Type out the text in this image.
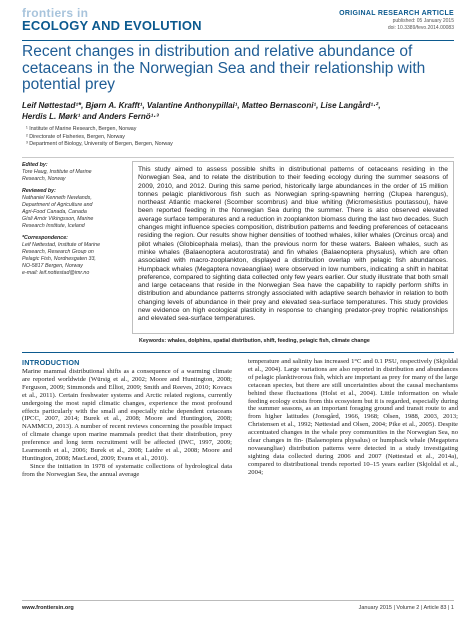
frontiers in
ECOLOGY AND EVOLUTION
ORIGINAL RESEARCH ARTICLE
published: 05 January 2015
doi: 10.3389/fevo.2014.00083
Recent changes in distribution and relative abundance of cetaceans in the Norwegian Sea and their relationship with potential prey
Leif Nøttestad¹*, Bjørn A. Krafft¹, Valantine Anthonypillai¹, Matteo Bernasconi¹, Lise Langård¹·²,
Herdis L. Mørk¹ and Anders Fernö¹·³
¹ Institute of Marine Research, Bergen, Norway
² Directorate of Fisheries, Bergen, Norway
³ Department of Biology, University of Bergen, Bergen, Norway
Edited by:
Tore Haug, Institute of Marine
Research, Norway
Reviewed by:
Nathaniel Kenneth Newlands,
Department of Agriculture and
Agri-Food Canada, Canada
Gísli Arnór Víkingsson, Marine
Research Institute, Iceland
*Correspondence:
Leif Nøttestad, Institute of Marine
Research, Research Group on
Pelagic Fish, Nordnesgaten 33,
NO-5817 Bergen, Norway
e-mail: leif.nottestad@imr.no

This study aimed to assess possible shifts in distributional patterns of cetaceans residing in the Norwegian Sea, and to relate the distribution to their feeding ecology during the summer seasons of 2009, 2010, and 2012. During this same period, historically large abundances in the order of 15 million tonnes pelagic planktivorous fish such as Norwegian spring-spawning herring (Clupea harengus), northeast Atlantic mackerel (Scomber scombrus) and blue whiting (Micromesistius poutassou), have been reported feeding in the Norwegian Sea during the summer. There is also observed elevated average surface temperatures and a reduction in zooplankton biomass during the last two decades. Such changes might influence species composition, distribution patterns and feeding preferences of cetaceans residing the region. Our results show higher densities of toothed whales, killer whales (Orcinus orca) and pilot whales (Globicephala melas), than the previous norm for these waters. Baleen whales, such as minke whales (Balaenoptera acutorostrata) and fin whales (Balaenoptera physalus), which are often associated with macro-zooplankton, displayed a distribution overlap with pelagic fish abundances. Humpback whales (Megaptera novaeangliae) were observed in low numbers, indicating a shift in habitat preference, compared to sighting data collected only few years earlier. Our study illustrate that both small and large cetaceans that reside in the Norwegian Sea have the capability to rapidly perform shifts in distribution and abundance patterns strongly associated with adaptive search behavior in relation to both changing levels of abundance in their prey and elevated sea-surface temperatures. This study provides new evidence on high ecological plasticity in response to changing predator-prey trophic relationships and elevated sea-surface temperatures.

Keywords: whales, dolphins, spatial distribution, shift, feeding, pelagic fish, climate change
INTRODUCTION

Marine mammal distributional shifts as a consequence of a warming climate are reported worldwide (Würsig et al., 2002; Moore and Huntington, 2008; Ferguson, 2009; Simmonds and Elliot, 2009; Smith and Reeves, 2010; Kovacs et al., 2011). Certain freshwater systems and Arctic related regions, currently undergoing the most rapid climatic changes, experience the most profound effects particularly with the small and especially niche dependent cetaceans (IPCC, 2007, 2014; Burek et al., 2008; Moore and Huntington, 2008; NAMMCO, 2013). A number of recent reviews concerning the possible impact of climate change upon marine mammals predict that their distribution, prey preference and long term recruitment will be affected (IWC, 1997, 2009; Learmonth et al., 2006; Burek et al., 2008; Laidre et al., 2008; Moore and Huntington, 2008; MacLeod, 2009; Evans et al., 2010).

Since the initiation in 1978 of systematic collections of hydrological data from the Norwegian Sea, the annual average

temperature and salinity has increased 1°C and 0.1 PSU, respectively (Skjoldal et al., 2004). Large variations are also reported in distribution and abundances of pelagic planktivorous fish, which are important as prey for many of the large cetacean species, but there are still uncertainties about the causal mechanisms behind these fluctuations (Holst et al., 2004). Little information on whale feeding ecology exists from this ecosystem but it is regarded, especially during the summer seasons, as an important foraging ground and transit route to and from higher latitudes (Jonsgård, 1966, 1968; Olsen, 1988, 2003, 2013; Christensen et al., 1992; Nøttestad and Olsen, 2004; Pike et al., 2005). Despite accentuated changes in the whale prey communities in the Norwegian Sea, no clear changes in fin- (Balaenoptera physalus) or humpback whale (Megaptera novaeangliae) distribution patterns were detected in a study investigating sighting data collected during 2006 and 2007 (Nøttestad et al., 2014a), compared to distributional trends reported 10–15 years earlier (Skjoldal et al., 2004;

www.frontiersin.org	January 2015 | Volume 2 | Article 83 | 1
